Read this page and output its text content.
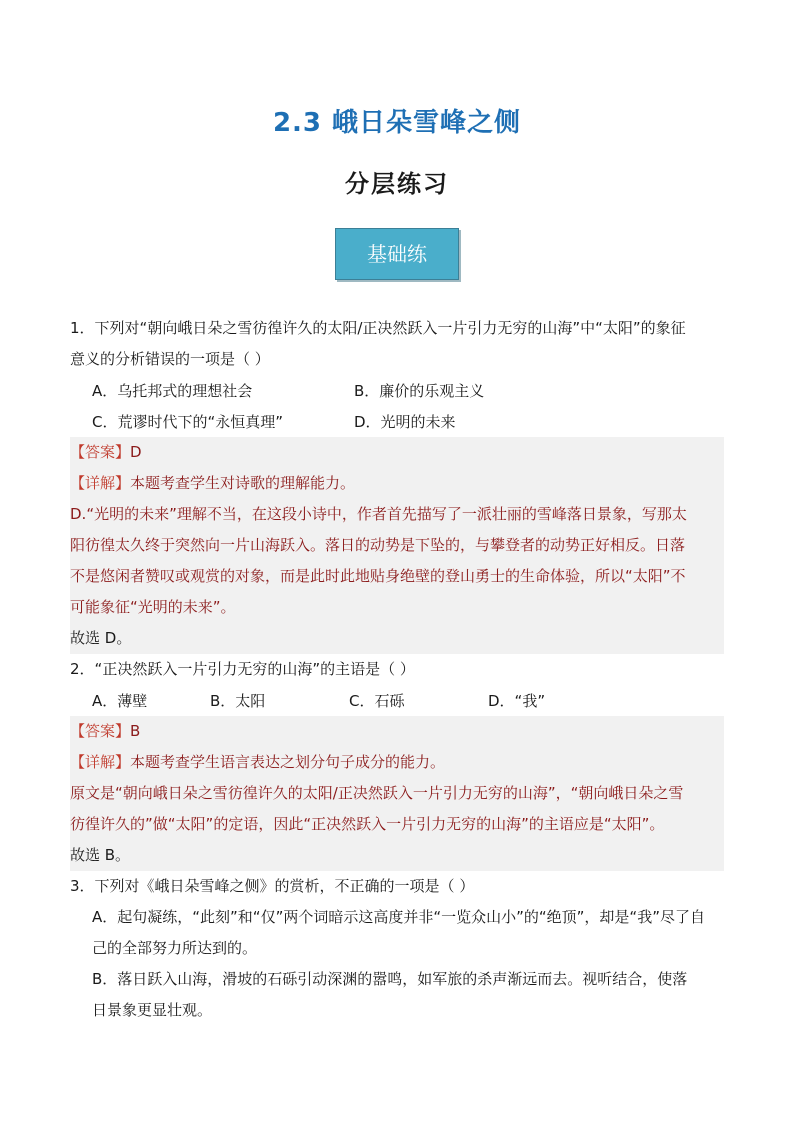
2.3 峨日朵雪峰之侧
分层练习
基础练
1．下列对“朝向峨日朵之雪彷徨许久的太阳/正决然跃入一片引力无穷的山海”中“太阳”的象征
意义的分析错误的一项是（ ）
A．乌托邦式的理想社会	B．廉价的乐观主义
C．荒谬时代下的“永恒真理”	D．光明的未来
【答案】D
【详解】本题考查学生对诗歌的理解能力。
D.“光明的未来”理解不当，在这段小诗中，作者首先描写了一派壮丽的雪峰落日景象，写那太
阳彷徨太久终于突然向一片山海跃入。落日的动势是下坠的，与攀登者的动势正好相反。日落
不是悠闲者赞叹或观赏的对象，而是此时此地贴身绝壁的登山勇士的生命体验，所以“太阳”不
可能象征“光明的未来”。
故选 D。
2．“正决然跃入一片引力无穷的山海”的主语是（ ）
A．薄壁	B．太阳	C．石砾	D．“我”
【答案】B
【详解】本题考查学生语言表达之划分句子成分的能力。
原文是“朝向峨日朵之雪彷徨许久的太阳/正决然跃入一片引力无穷的山海”，“朝向峨日朵之雪
彷徨许久的”做“太阳”的定语，因此“正决然跃入一片引力无穷的山海”的主语应是“太阳”。
故选 B。
3．下列对《峨日朵雪峰之侧》的赏析，不正确的一项是（ ）
A．起句凝练，“此刻”和“仅”两个词暗示这高度并非“一览众山小”的“绝顶”，却是“我”尽了自
己的全部努力所达到的。
B．落日跃入山海，滑坡的石砾引动深渊的嚣鸣，如军旅的杀声渐远而去。视听结合，使落
日景象更显壮观。
